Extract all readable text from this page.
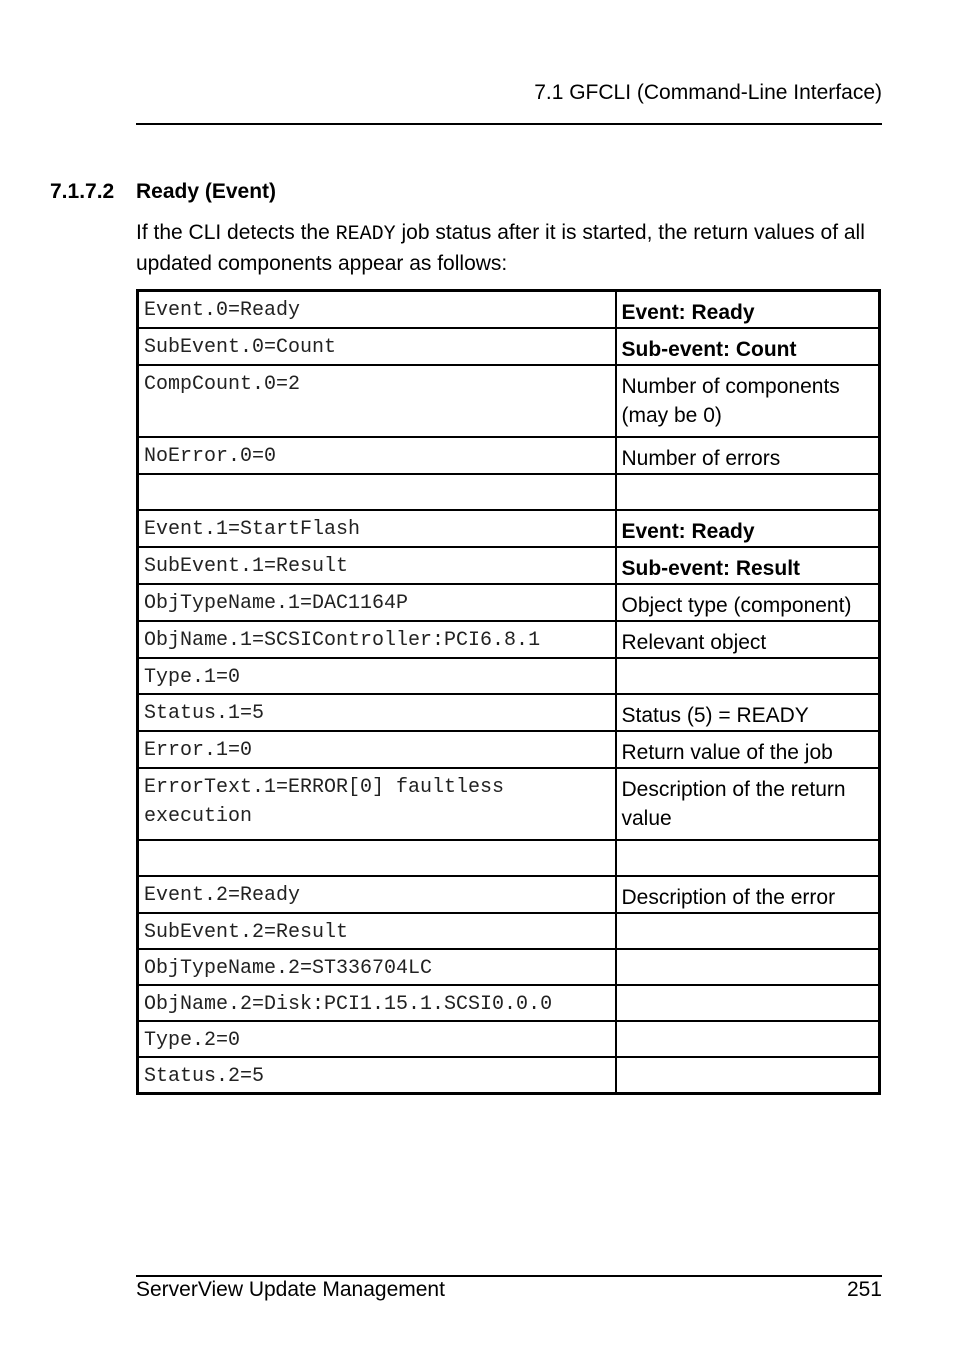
7.1 GFCLI (Command-Line Interface)
7.1.7.2 Ready (Event)
If the CLI detects the READY job status after it is started, the return values of all updated components appear as follows:
Event.0=Ready	Event: Ready
SubEvent.0=Count	Sub-event: Count
CompCount.0=2	Number of components (may be 0)
NoError.0=0	Number of errors

Event.1=StartFlash	Event: Ready
SubEvent.1=Result	Sub-event: Result
ObjTypeName.1=DAC1164P	Object type (component)
ObjName.1=SCSIController:PCI6.8.1	Relevant object
Type.1=0	
Status.1=5	Status (5) = READY
Error.1=0	Return value of the job
ErrorText.1=ERROR[0] faultless execution	Description of the return value

Event.2=Ready	Description of the error
SubEvent.2=Result	
ObjTypeName.2=ST336704LC	
ObjName.2=Disk:PCI1.15.1.SCSI0.0.0	
Type.2=0	
Status.2=5	
ServerView Update Management	251
